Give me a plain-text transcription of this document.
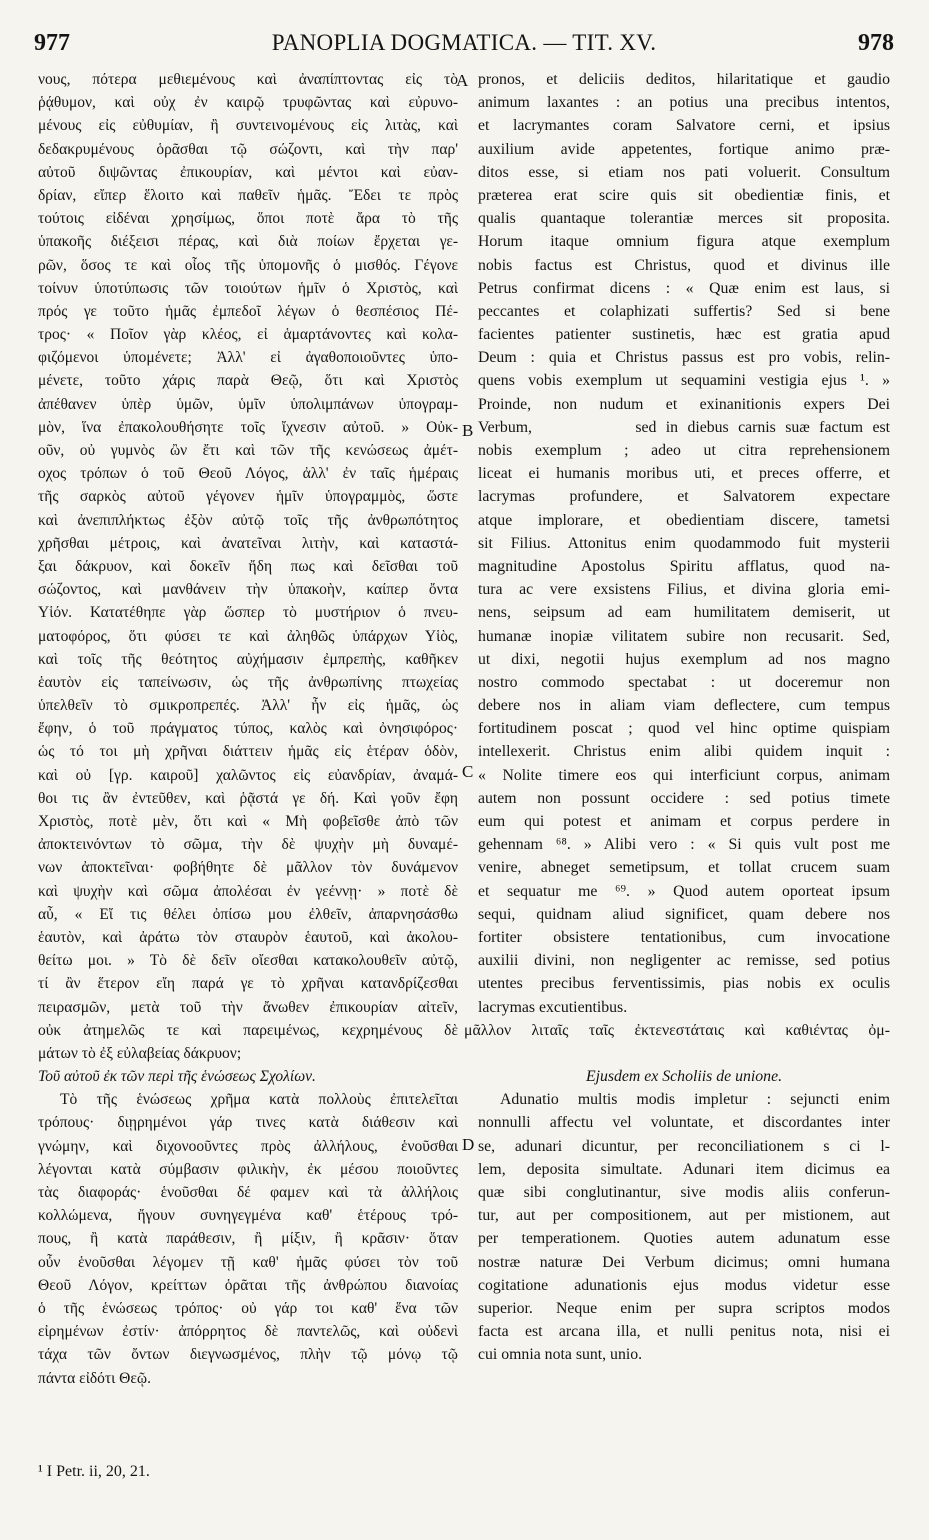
977	PANOPLIA DOGMATICA. — TIT. XV.	978
A
B
C
D
νους, πότερα μεθιεμένους καὶ ἀναπίπτοντας εἰς τὸ
ῥᾴθυμον, καὶ οὐχ ἐν καιρῷ τρυφῶντας καὶ εὐρυνο-
μένους εἰς εὐθυμίαν, ἢ συντεινομένους εἰς λιτὰς, καὶ
δεδακρυμένους ὁρᾶσθαι τῷ σώζοντι, καὶ τὴν παρ'
αὐτοῦ διψῶντας ἐπικουρίαν, καὶ μέντοι καὶ εὐαν-
δρίαν, εἴπερ ἕλοιτο καὶ παθεῖν ἡμᾶς. Ἔδει τε πρὸς
τούτοις εἰδέναι χρησίμως, ὅποι ποτὲ ἄρα τὸ τῆς
ὑπακοῆς διέξεισι πέρας, καὶ διὰ ποίων ἔρχεται γε-
ρῶν, ὅσος τε καὶ οἷος τῆς ὑπομονῆς ὁ μισθός. Γέγονε
τοίνυν ὑποτύπωσις τῶν τοιούτων ἡμῖν ὁ Χριστὸς, καὶ
πρός γε τοῦτο ἡμᾶς ἐμπεδοῖ λέγων ὁ θεσπέσιος Πέ-
τρος· « Ποῖον γὰρ κλέος, εἰ ἁμαρτάνοντες καὶ κολα-
φιζόμενοι ὑπομένετε; Ἀλλ' εἰ ἀγαθοποιοῦντες ὑπο-
μένετε, τοῦτο χάρις παρὰ Θεῷ, ὅτι καὶ Χριστὸς
ἀπέθανεν ὑπὲρ ὑμῶν, ὑμῖν ὑπολιμπάνων ὑπογραμ-
μὸν, ἵνα ἐπακολουθήσητε τοῖς ἴχνεσιν αὐτοῦ. » Οὐκ-
οῦν, οὐ γυμνὸς ὢν ἔτι καὶ τῶν τῆς κενώσεως ἀμέτ-
οχος τρόπων ὁ τοῦ Θεοῦ Λόγος, ἀλλ' ἐν ταῖς ἡμέραις
τῆς σαρκὸς αὐτοῦ γέγονεν ἡμῖν ὑπογραμμὸς, ὥστε
καὶ ἀνεπιπλήκτως ἐξὸν αὐτῷ τοῖς τῆς ἀνθρωπότητος
χρῆσθαι μέτροις, καὶ ἀνατεῖναι λιτὴν, καὶ καταστά-
ξαι δάκρυον, καὶ δοκεῖν ἤδη πως καὶ δεῖσθαι τοῦ
σώζοντος, καὶ μανθάνειν τὴν ὑπακοὴν, καίπερ ὄντα
Υἱόν. Κατατέθηπε γὰρ ὥσπερ τὸ μυστήριον ὁ πνευ-
ματοφόρος, ὅτι φύσει τε καὶ ἀληθῶς ὑπάρχων Υἱὸς,
καὶ τοῖς τῆς θεότητος αὐχήμασιν ἐμπρεπὴς, καθῆκεν
ἑαυτὸν εἰς ταπείνωσιν, ὡς τῆς ἀνθρωπίνης πτωχείας
ὑπελθεῖν τὸ σμικροπρεπές. Ἀλλ' ἦν εἰς ἡμᾶς, ὡς
ἔφην, ὁ τοῦ πράγματος τύπος, καλὸς καὶ ὀνησιφόρος·
ὡς τό τοι μὴ χρῆναι διάττειν ἡμᾶς εἰς ἑτέραν ὁδὸν,
καὶ οὐ [γρ. καιροῦ] χαλῶντος εἰς εὐανδρίαν, ἀναμά-
θοι τις ἂν ἐντεῦθεν, καὶ ῥᾷστά γε δή. Καὶ γοῦν ἔφη
Χριστὸς, ποτὲ μὲν, ὅτι καὶ « Μὴ φοβεῖσθε ἀπὸ τῶν
ἀποκτεινόντων τὸ σῶμα, τὴν δὲ ψυχὴν μὴ δυναμέ-
νων ἀποκτεῖναι· φοβήθητε δὲ μᾶλλον τὸν δυνάμενον
καὶ ψυχὴν καὶ σῶμα ἀπολέσαι ἐν γεέννῃ· » ποτὲ δὲ
αὖ, « Εἴ τις θέλει ὀπίσω μου ἐλθεῖν, ἀπαρνησάσθω
ἑαυτὸν, καὶ ἀράτω τὸν σταυρὸν ἑαυτοῦ, καὶ ἀκολου-
θείτω μοι. » Τὸ δὲ δεῖν οἴεσθαι κατακολουθεῖν αὐτῷ,
τί ἂν ἕτερον εἴη παρά γε τὸ χρῆναι κατανδρίζεσθαι
πειρασμῶν, μετὰ τοῦ τὴν ἄνωθεν ἐπικουρίαν αἰτεῖν,
οὐκ ἀτημελῶς τε καὶ παρειμένως, κεχρημένους δὲ
μάτων τὸ ἐξ εὐλαβείας δάκρυον;
Τοῦ αὐτοῦ ἐκ τῶν περὶ τῆς ἑνώσεως Σχολίων.
Τὸ τῆς ἑνώσεως χρῆμα κατὰ πολλοὺς ἐπιτελεῖται
τρόπους· διῃρημένοι γάρ τινες κατὰ διάθεσιν καὶ
γνώμην, καὶ διχονοοῦντες πρὸς ἀλλήλους, ἑνοῦσθαι
λέγονται κατὰ σύμβασιν φιλικὴν, ἐκ μέσου ποιοῦντες
τὰς διαφοράς· ἑνοῦσθαι δέ φαμεν καὶ τὰ ἀλλήλοις
κολλώμενα, ἤγουν συνηγεγμένα καθ' ἑτέρους τρό-
πους, ἢ κατὰ παράθεσιν, ἢ μίξιν, ἢ κρᾶσιν· ὅταν
οὖν ἑνοῦσθαι λέγομεν τῇ καθ' ἡμᾶς φύσει τὸν τοῦ
Θεοῦ Λόγον, κρείττων ὁρᾶται τῆς ἀνθρώπου διανοίας
ὁ τῆς ἑνώσεως τρόπος· οὐ γάρ τοι καθ' ἕνα τῶν
εἰρημένων ἐστίν· ἀπόρρητος δὲ παντελῶς, καὶ οὐδενὶ
τάχα τῶν ὄντων διεγνωσμένος, πλὴν τῷ μόνῳ τῷ
πάντα εἰδότι Θεῷ.
pronos, et deliciis deditos, hilaritatique et gaudio
animum laxantes : an potius una precibus intentos,
et lacrymantes coram Salvatore cerni, et ipsius
auxilium avide appetentes, fortique animo præ-
ditos esse, si etiam nos pati voluerit. Consultum
præterea erat scire quis sit obedientiæ finis, et
qualis quantaque tolerantiæ merces sit proposita.
Horum itaque omnium figura atque exemplum
nobis factus est Christus, quod et divinus ille
Petrus confirmat dicens : « Quæ enim est laus, si
peccantes et colaphizati suffertis? Sed si bene
facientes patienter sustinetis, hæc est gratia apud
Deum : quia et Christus passus est pro vobis, relin-
quens vobis exemplum ut sequamini vestigia ejus ¹. »
Proinde, non nudum et exinanitionis expers Dei
Verbum,           sed in diebus carnis suæ factum est
nobis exemplum ; adeo ut citra reprehensionem
liceat ei humanis moribus uti, et preces offerre, et
lacrymas profundere, et Salvatorem expectare
atque implorare, et obedientiam discere, tametsi
sit Filius. Attonitus enim quodammodo fuit mysterii
magnitudine Apostolus Spiritu afflatus, quod na-
tura ac vere exsistens Filius, et divina gloria emi-
nens, seipsum ad eam humilitatem demiserit, ut
humanæ inopiæ vilitatem subire non recusarit. Sed,
ut dixi, negotii hujus exemplum ad nos magno
nostro commodo spectabat : ut doceremur non
debere nos in aliam viam deflectere, cum tempus
fortitudinem poscat ; quod vel hinc optime quispiam
intellexerit. Christus enim alibi quidem inquit :
« Nolite timere eos qui interficiunt corpus, animam
autem non possunt occidere : sed potius timete
eum qui potest et animam et corpus perdere in
gehennam ⁶⁸. » Alibi vero : « Si quis vult post me
venire, abneget semetipsum, et tollat crucem suam
et sequatur me ⁶⁹. » Quod autem oporteat ipsum
sequi, quidnam aliud significet, quam debere nos
fortiter obsistere tentationibus, cum invocatione
auxilii divini, non negligenter ac remisse, sed potius
utentes precibus ferventissimis, pias nobis ex oculis
lacrymas excutientibus.
μᾶλλον λιταῖς ταῖς ἐκτενεστάταις καὶ καθιέντας ὀμ-
Ejusdem ex Scholiis de unione.
Adunatio multis modis impletur : sejuncti enim
nonnulli affectu vel voluntate, et discordantes inter
se, adunari dicuntur, per reconciliationem s ci l-
lem, deposita simultate. Adunari item dicimus ea
quæ sibi conglutinantur, sive modis aliis conferun-
tur, aut per compositionem, aut per mistionem, aut
per temperationem. Quoties autem adunatum esse
nostræ naturæ Dei Verbum dicimus; omni humana
cogitatione adunationis ejus modus videtur esse
superior. Neque enim per supra scriptos modos
facta est arcana illa, et nulli penitus nota, nisi ei
cui omnia nota sunt, unio.
¹ I Petr. ii, 20, 21.
